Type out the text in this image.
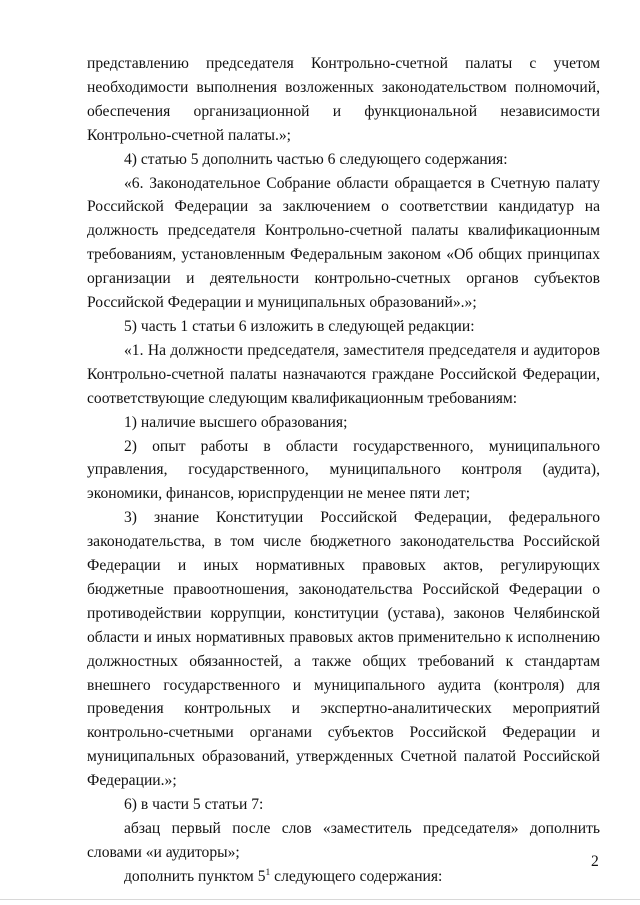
представлению председателя Контрольно-счетной палаты с учетом необходимости выполнения возложенных законодательством полномочий, обеспечения организационной и функциональной независимости Контрольно-счетной палаты.»;

4) статью 5 дополнить частью 6 следующего содержания:

«6. Законодательное Собрание области обращается в Счетную палату Российской Федерации за заключением о соответствии кандидатур на должность председателя Контрольно-счетной палаты квалификационным требованиям, установленным Федеральным законом «Об общих принципах организации и деятельности контрольно-счетных органов субъектов Российской Федерации и муниципальных образований».»;

5) часть 1 статьи 6 изложить в следующей редакции:

«1. На должности председателя, заместителя председателя и аудиторов Контрольно-счетной палаты назначаются граждане Российской Федерации, соответствующие следующим квалификационным требованиям:

1) наличие высшего образования;

2) опыт работы в области государственного, муниципального управления, государственного, муниципального контроля (аудита), экономики, финансов, юриспруденции не менее пяти лет;

3) знание Конституции Российской Федерации, федерального законодательства, в том числе бюджетного законодательства Российской Федерации и иных нормативных правовых актов, регулирующих бюджетные правоотношения, законодательства Российской Федерации о противодействии коррупции, конституции (устава), законов Челябинской области и иных нормативных правовых актов применительно к исполнению должностных обязанностей, а также общих требований к стандартам внешнего государственного и муниципального аудита (контроля) для проведения контрольных и экспертно-аналитических мероприятий контрольно-счетными органами субъектов Российской Федерации и муниципальных образований, утвержденных Счетной палатой Российской Федерации.»;

6) в части 5 статьи 7:

абзац первый после слов «заместитель председателя» дополнить словами «и аудиторы»;

дополнить пунктом $5^1$ следующего содержания:

2
